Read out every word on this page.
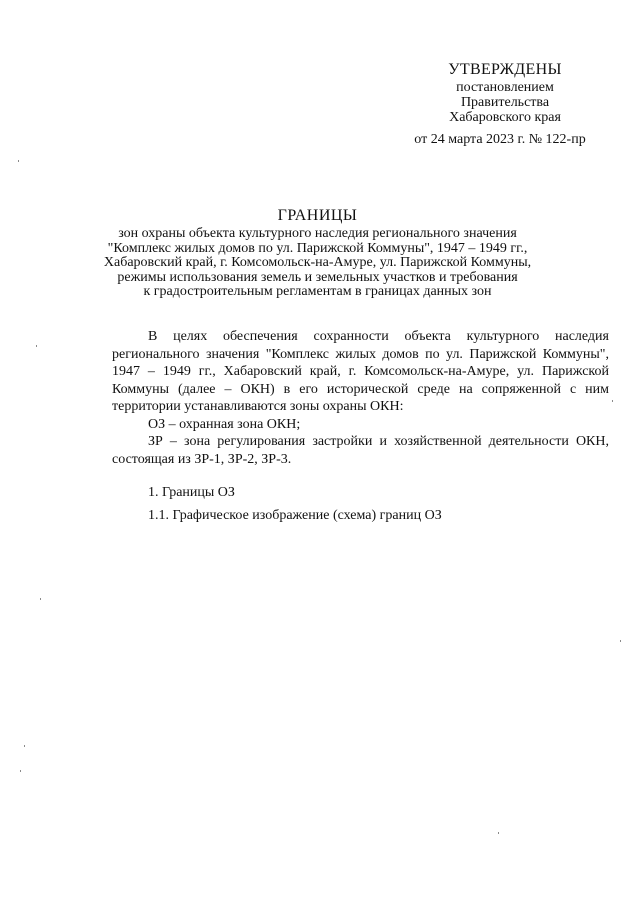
УТВЕРЖДЕНЫ
постановлением
Правительства
Хабаровского края
от 24 марта 2023 г. № 122-пр
ГРАНИЦЫ
зон охраны объекта культурного наследия регионального значения
"Комплекс жилых домов по ул. Парижской Коммуны", 1947 – 1949 гг.,
Хабаровский край, г. Комсомольск-на-Амуре, ул. Парижской Коммуны,
режимы использования земель и земельных участков и требования
к градостроительным регламентам в границах данных зон

В целях обеспечения сохранности объекта культурного наследия регионального значения "Комплекс жилых домов по ул. Парижской Коммуны", 1947 – 1949 гг., Хабаровский край, г. Комсомольск-на-Амуре, ул. Парижской Коммуны (далее – ОКН) в его исторической среде на сопряженной с ним территории устанавливаются зоны охраны ОКН:

ОЗ – охранная зона ОКН;

ЗР – зона регулирования застройки и хозяйственной деятельности ОКН, состоящая из ЗР-1, ЗР-2, ЗР-3.

1. Границы ОЗ
1.1. Графическое изображение (схема) границ ОЗ
